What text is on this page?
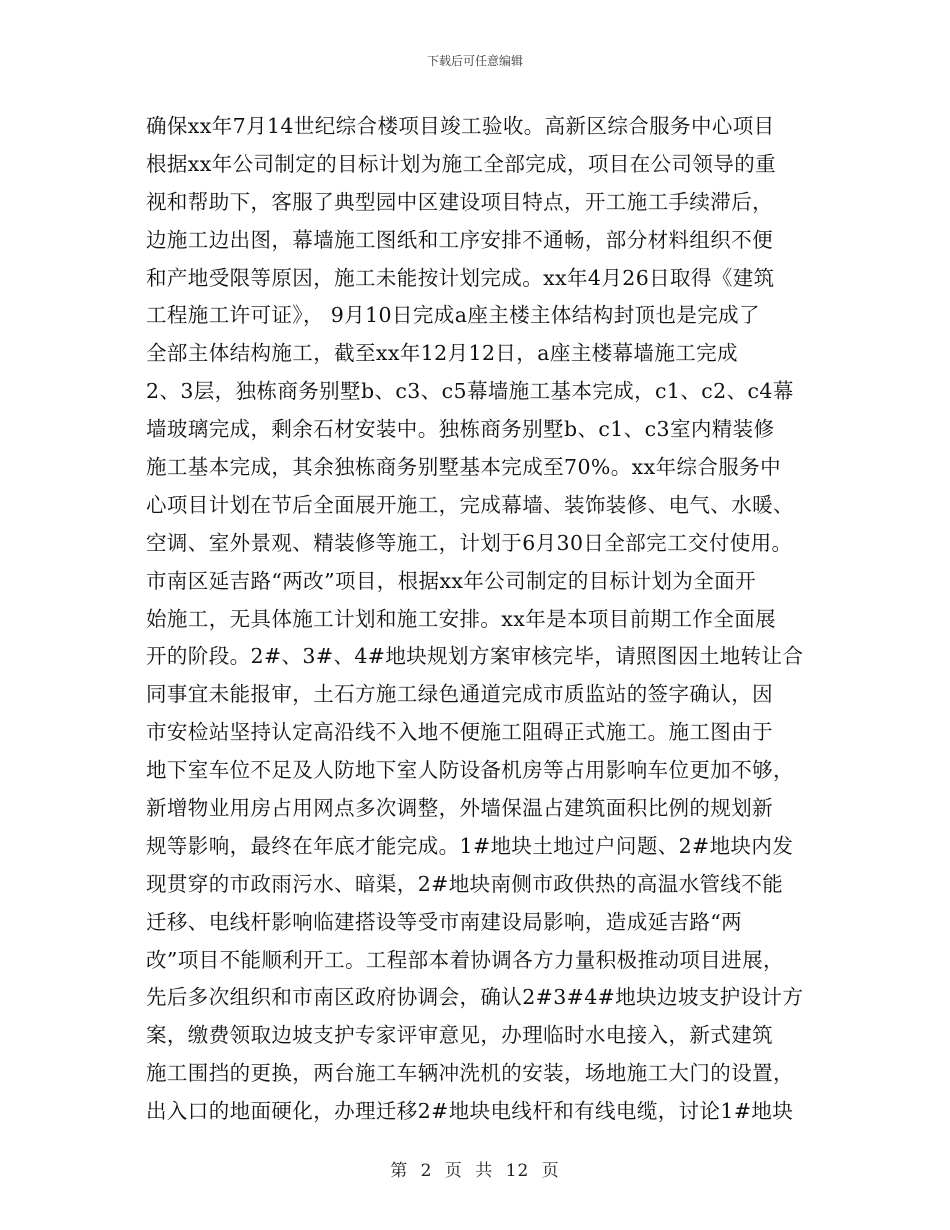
下载后可任意编辑
确保xx年7月14世纪综合楼项目竣工验收。高新区综合服务中心项目
根据xx年公司制定的目标计划为施工全部完成，项目在公司领导的重
视和帮助下，客服了典型园中区建设项目特点，开工施工手续滞后，
边施工边出图，幕墙施工图纸和工序安排不通畅，部分材料组织不便
和产地受限等原因，施工未能按计划完成。xx年4月26日取得《建筑
工程施工许可证》， 9月10日完成a座主楼主体结构封顶也是完成了
全部主体结构施工，截至xx年12月12日，a座主楼幕墙施工完成
2、3层，独栋商务别墅b、c3、c5幕墙施工基本完成，c1、c2、c4幕
墙玻璃完成，剩余石材安装中。独栋商务别墅b、c1、c3室内精装修
施工基本完成，其余独栋商务别墅基本完成至70%。xx年综合服务中
心项目计划在节后全面展开施工，完成幕墙、装饰装修、电气、水暖、
空调、室外景观、精装修等施工，计划于6月30日全部完工交付使用。
市南区延吉路“两改”项目，根据xx年公司制定的目标计划为全面开
始施工，无具体施工计划和施工安排。xx年是本项目前期工作全面展
开的阶段。2#、3#、4#地块规划方案审核完毕，请照图因土地转让合
同事宜未能报审，土石方施工绿色通道完成市质监站的签字确认，因
市安检站坚持认定高沿线不入地不便施工阻碍正式施工。施工图由于
地下室车位不足及人防地下室人防设备机房等占用影响车位更加不够，
新增物业用房占用网点多次调整，外墙保温占建筑面积比例的规划新
规等影响，最终在年底才能完成。1#地块土地过户问题、2#地块内发
现贯穿的市政雨污水、暗渠，2#地块南侧市政供热的高温水管线不能
迁移、电线杆影响临建搭设等受市南建设局影响，造成延吉路“两
改”项目不能顺利开工。工程部本着协调各方力量积极推动项目进展，
先后多次组织和市南区政府协调会，确认2#3#4#地块边坡支护设计方
案，缴费领取边坡支护专家评审意见，办理临时水电接入，新式建筑
施工围挡的更换，两台施工车辆冲洗机的安装，场地施工大门的设置，
出入口的地面硬化，办理迁移2#地块电线杆和有线电缆，讨论1#地块
第 2 页 共 12 页
